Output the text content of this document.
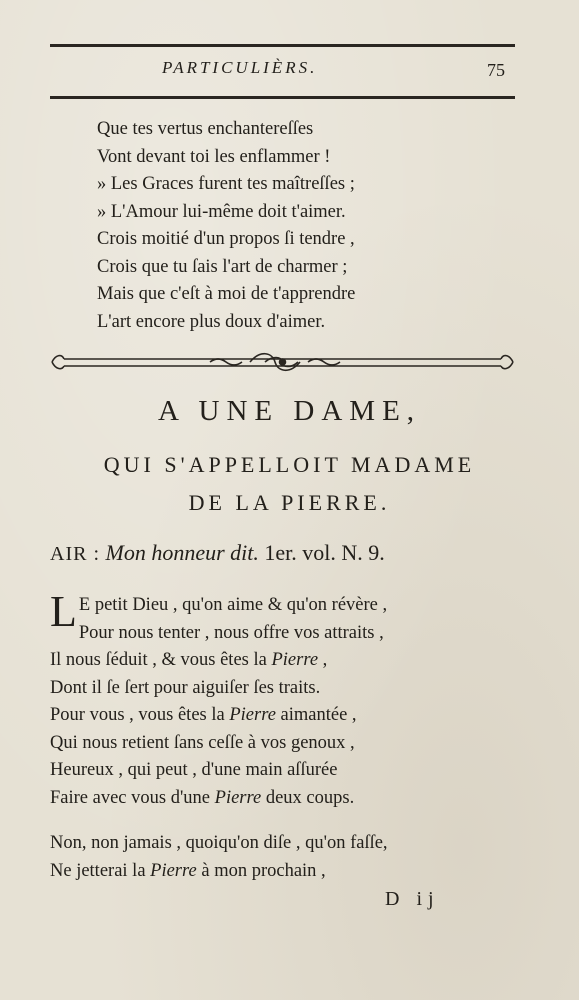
PARTICULIÈRS.	75
Que tes vertus enchantereſſes
Vont devant toi les enflammer !
» Les Graces furent tes maîtreſſes ;
» L'Amour lui-même doit t'aimer.
Crois moitié d'un propos ſi tendre ,
Crois que tu ſais l'art de charmer ;
Mais que c'eſt à moi de t'apprendre
L'art encore plus doux d'aimer.
A UNE DAME,
QUI S'APPELLOIT MADAME
DE LA PIERRE.
AIR : Mon honneur dit. 1er. vol. N. 9.
L E petit Dieu , qu'on aime & qu'on révère ,
Pour nous tenter , nous offre vos attraits ,
Il nous ſéduit , & vous êtes la Pierre ,
Dont il ſe ſert pour aiguiſer ſes traits.
Pour vous , vous êtes la Pierre aimantée ,
Qui nous retient ſans ceſſe à vos genoux ,
Heureux , qui peut , d'une main aſſurée
Faire avec vous d'une Pierre deux coups.
Non, non jamais , quoiqu'on diſe , qu'on faſſe,
Ne jetterai la Pierre à mon prochain ,
D ij
